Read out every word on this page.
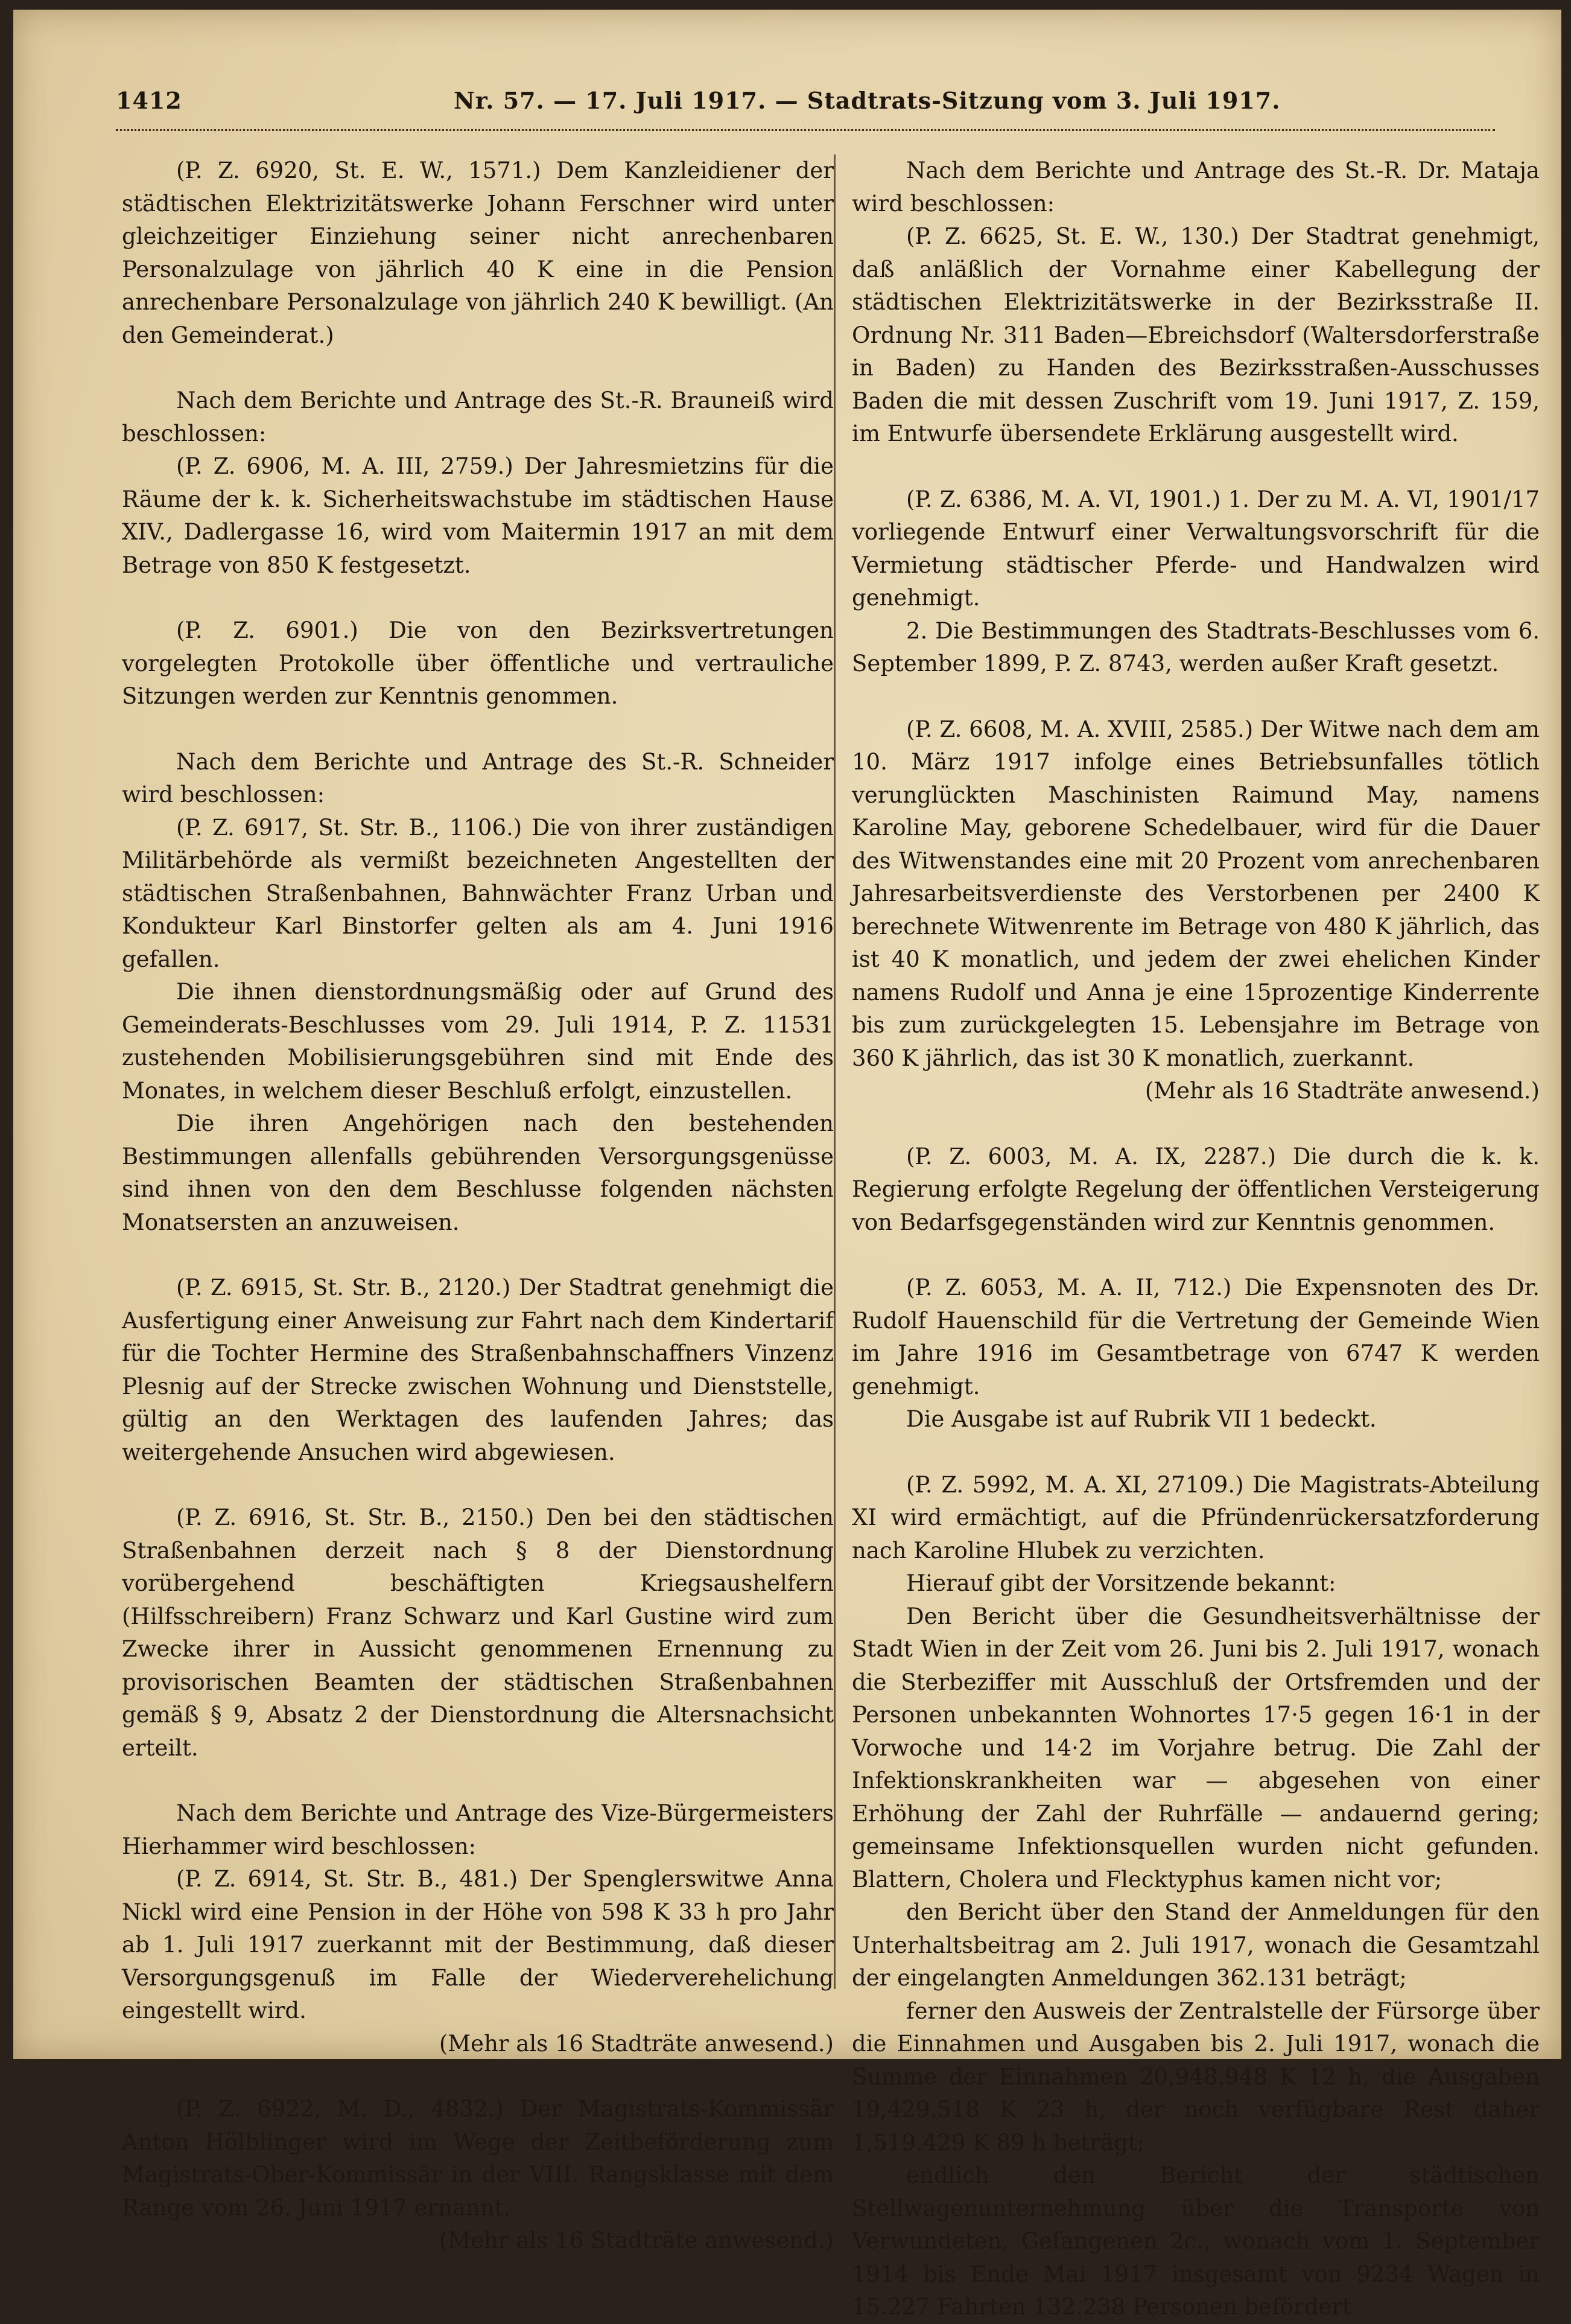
1412	Nr. 57. — 17. Juli 1917. — Stadtrats-Sitzung vom 3. Juli 1917.

(P. Z. 6920, St. E. W., 1571.) Dem Kanzleidiener der städtischen Elektrizitätswerke Johann Ferschner wird unter gleichzeitiger Einziehung seiner nicht anrechenbaren Personalzulage von jährlich 40 K eine in die Pension anrechenbare Personalzulage von jährlich 240 K bewilligt. (An den Gemeinderat.)

Nach dem Berichte und Antrage des St.-R. Brauneiß wird beschlossen:

(P. Z. 6906, M. A. III, 2759.) Der Jahresmietzins für die Räume der k. k. Sicherheitswachstube im städtischen Hause XIV., Dadlergasse 16, wird vom Maitermin 1917 an mit dem Betrage von 850 K festgesetzt.

(P. Z. 6901.) Die von den Bezirksvertretungen vorgelegten Protokolle über öffentliche und vertrauliche Sitzungen werden zur Kenntnis genommen.

Nach dem Berichte und Antrage des St.-R. Schneider wird beschlossen:

(P. Z. 6917, St. Str. B., 1106.) Die von ihrer zuständigen Militärbehörde als vermißt bezeichneten Angestellten der städtischen Straßenbahnen, Bahnwächter Franz Urban und Kondukteur Karl Binstorfer gelten als am 4. Juni 1916 gefallen.

Die ihnen dienstordnungsmäßig oder auf Grund des Gemeinderats-Beschlusses vom 29. Juli 1914, P. Z. 11531 zustehenden Mobilisierungsgebühren sind mit Ende des Monates, in welchem dieser Beschluß erfolgt, einzustellen.

Die ihren Angehörigen nach den bestehenden Bestimmungen allenfalls gebührenden Versorgungsgenüsse sind ihnen von den dem Beschlusse folgenden nächsten Monatsersten an anzuweisen.

(P. Z. 6915, St. Str. B., 2120.) Der Stadtrat genehmigt die Ausfertigung einer Anweisung zur Fahrt nach dem Kindertarif für die Tochter Hermine des Straßenbahnschaffners Vinzenz Plesnig auf der Strecke zwischen Wohnung und Dienststelle, gültig an den Werktagen des laufenden Jahres; das weitergehende Ansuchen wird abgewiesen.

(P. Z. 6916, St. Str. B., 2150.) Den bei den städtischen Straßenbahnen derzeit nach § 8 der Dienstordnung vorübergehend beschäftigten Kriegsaushelfern (Hilfsschreibern) Franz Schwarz und Karl Gustine wird zum Zwecke ihrer in Aussicht genommenen Ernennung zu provisorischen Beamten der städtischen Straßenbahnen gemäß § 9, Absatz 2 der Dienstordnung die Altersnachsicht erteilt.

Nach dem Berichte und Antrage des Vize-Bürgermeisters Hierhammer wird beschlossen:

(P. Z. 6914, St. Str. B., 481.) Der Spenglerswitwe Anna Nickl wird eine Pension in der Höhe von 598 K 33 h pro Jahr ab 1. Juli 1917 zuerkannt mit der Bestimmung, daß dieser Versorgungsgenuß im Falle der Wiederverehelichung eingestellt wird.

(Mehr als 16 Stadträte anwesend.)

(P. Z. 6922, M. D., 4832.) Der Magistrats-Kommissär Anton Hölblinger wird im Wege der Zeitbeförderung zum Magistrats-Ober-Kommissär in der VIII. Rangsklasse mit dem Range vom 26. Juni 1917 ernannt.

(Mehr als 16 Stadträte anwesend.)

Nach dem Berichte und Antrage des St.-R. Dr. Mataja wird beschlossen:

(P. Z. 6625, St. E. W., 130.) Der Stadtrat genehmigt, daß anläßlich der Vornahme einer Kabellegung der städtischen Elektrizitätswerke in der Bezirksstraße II. Ordnung Nr. 311 Baden—Ebreichsdorf (Waltersdorferstraße in Baden) zu Handen des Bezirksstraßen-Ausschusses Baden die mit dessen Zuschrift vom 19. Juni 1917, Z. 159, im Entwurfe übersendete Erklärung ausgestellt wird.

(P. Z. 6386, M. A. VI, 1901.) 1. Der zu M. A. VI, 1901/17 vorliegende Entwurf einer Verwaltungsvorschrift für die Vermietung städtischer Pferde- und Handwalzen wird genehmigt.

2. Die Bestimmungen des Stadtrats-Beschlusses vom 6. September 1899, P. Z. 8743, werden außer Kraft gesetzt.

(P. Z. 6608, M. A. XVIII, 2585.) Der Witwe nach dem am 10. März 1917 infolge eines Betriebsunfalles tötlich verunglückten Maschinisten Raimund May, namens Karoline May, geborene Schedelbauer, wird für die Dauer des Witwenstandes eine mit 20 Prozent vom anrechenbaren Jahresarbeitsverdienste des Verstorbenen per 2400 K berechnete Witwenrente im Betrage von 480 K jährlich, das ist 40 K monatlich, und jedem der zwei ehelichen Kinder namens Rudolf und Anna je eine 15prozentige Kinderrente bis zum zurückgelegten 15. Lebensjahre im Betrage von 360 K jährlich, das ist 30 K monatlich, zuerkannt.

(Mehr als 16 Stadträte anwesend.)

(P. Z. 6003, M. A. IX, 2287.) Die durch die k. k. Regierung erfolgte Regelung der öffentlichen Versteigerung von Bedarfsgegenständen wird zur Kenntnis genommen.

(P. Z. 6053, M. A. II, 712.) Die Expensnoten des Dr. Rudolf Hauenschild für die Vertretung der Gemeinde Wien im Jahre 1916 im Gesamtbetrage von 6747 K werden genehmigt.

Die Ausgabe ist auf Rubrik VII 1 bedeckt.

(P. Z. 5992, M. A. XI, 27109.) Die Magistrats-Abteilung XI wird ermächtigt, auf die Pfründenrückersatzforderung nach Karoline Hlubek zu verzichten.

Hierauf gibt der Vorsitzende bekannt:

Den Bericht über die Gesundheitsverhältnisse der Stadt Wien in der Zeit vom 26. Juni bis 2. Juli 1917, wonach die Sterbeziffer mit Ausschluß der Ortsfremden und der Personen unbekannten Wohnortes 17·5 gegen 16·1 in der Vorwoche und 14·2 im Vorjahre betrug. Die Zahl der Infektionskrankheiten war — abgesehen von einer Erhöhung der Zahl der Ruhrfälle — andauernd gering; gemeinsame Infektionsquellen wurden nicht gefunden. Blattern, Cholera und Flecktyphus kamen nicht vor;

den Bericht über den Stand der Anmeldungen für den Unterhaltsbeitrag am 2. Juli 1917, wonach die Gesamtzahl der eingelangten Anmeldungen 362.131 beträgt;

ferner den Ausweis der Zentralstelle der Fürsorge über die Einnahmen und Ausgaben bis 2. Juli 1917, wonach die Summe der Einnahmen 20,948.948 K 12 h, die Ausgaben 19,429.518 K 23 h, der noch verfügbare Rest daher 1,519.429 K 89 h beträgt;

endlich den Bericht der städtischen Stellwagenunternehmung über die Transporte von Verwundeten, Gefangenen 2c., wonach vom 1. September 1914 bis Ende Mai 1917 insgesamt von 9234 Wagen in 15.227 Fahrten 132.238 Personen befördert
